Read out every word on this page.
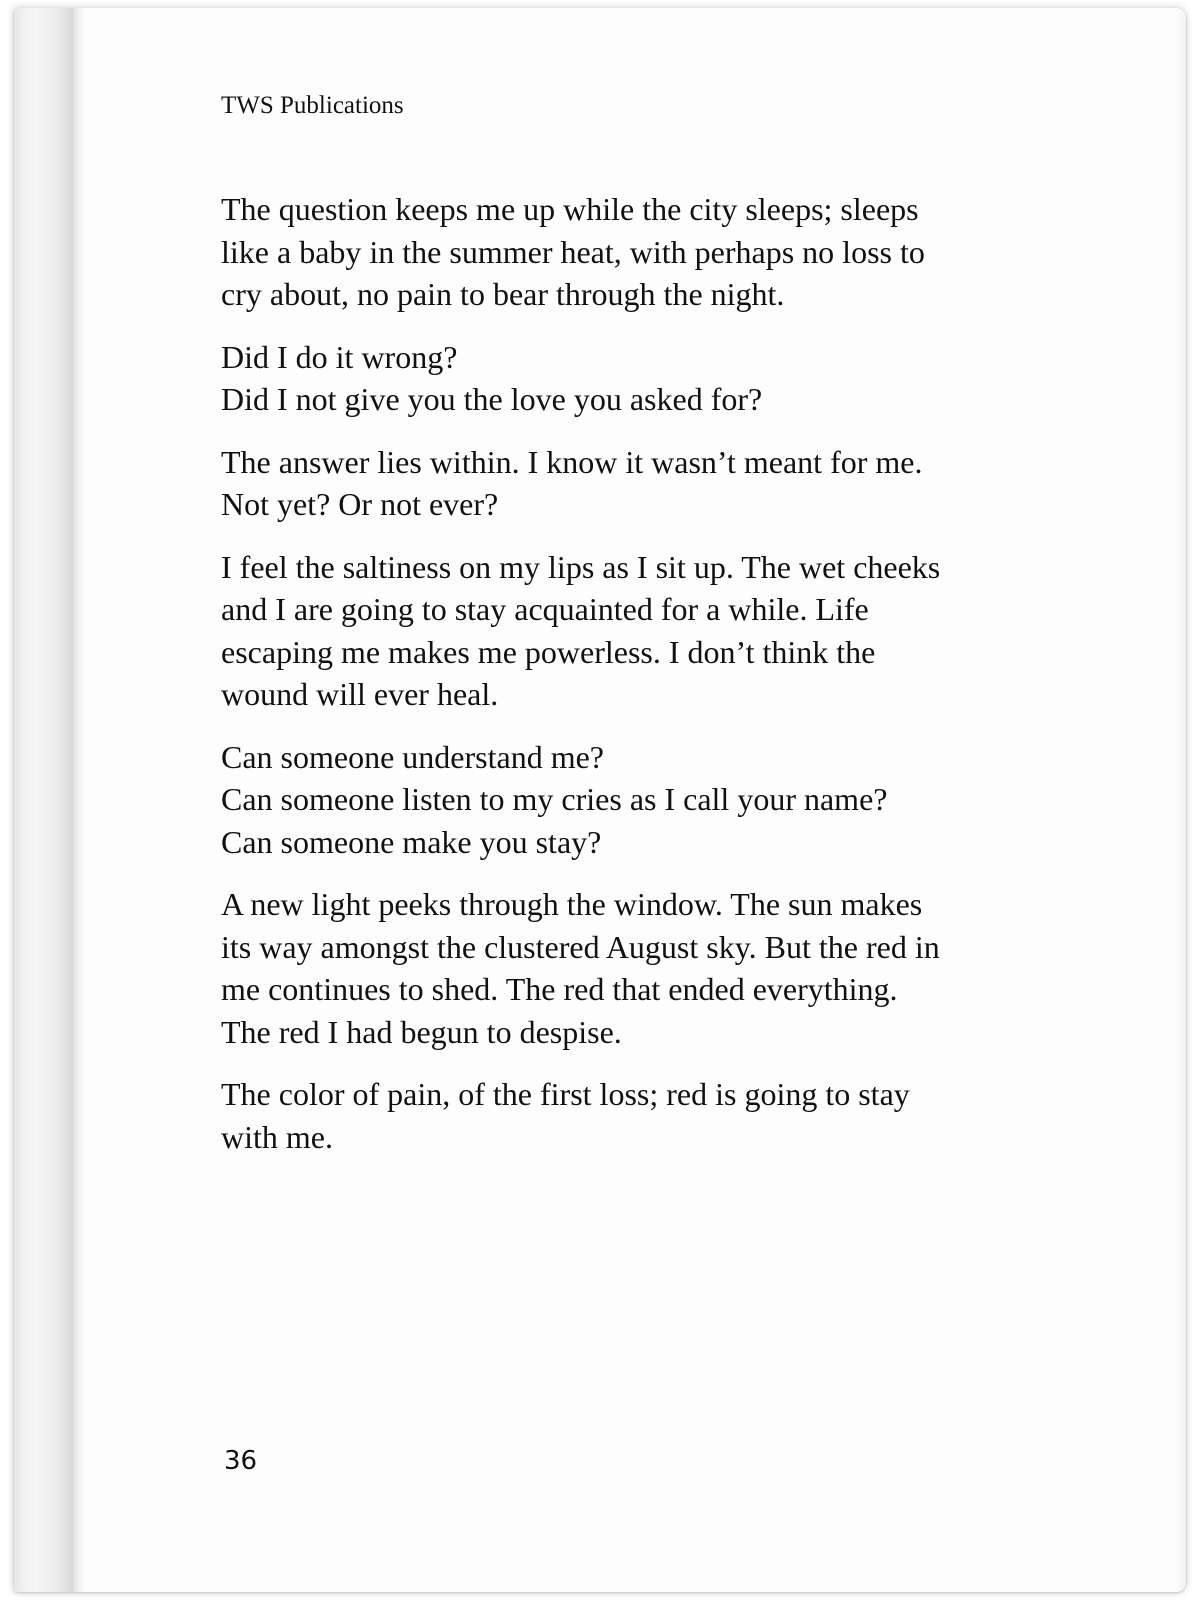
TWS Publications

The question keeps me up while the city sleeps; sleeps
like a baby in the summer heat, with perhaps no loss to
cry about, no pain to bear through the night.

Did I do it wrong?
Did I not give you the love you asked for?

The answer lies within. I know it wasn’t meant for me.
Not yet? Or not ever?

I feel the saltiness on my lips as I sit up. The wet cheeks
and I are going to stay acquainted for a while. Life
escaping me makes me powerless. I don’t think the
wound will ever heal.

Can someone understand me?
Can someone listen to my cries as I call your name?
Can someone make you stay?

A new light peeks through the window. The sun makes
its way amongst the clustered August sky. But the red in
me continues to shed. The red that ended everything.
The red I had begun to despise.

The color of pain, of the first loss; red is going to stay
with me.

36
